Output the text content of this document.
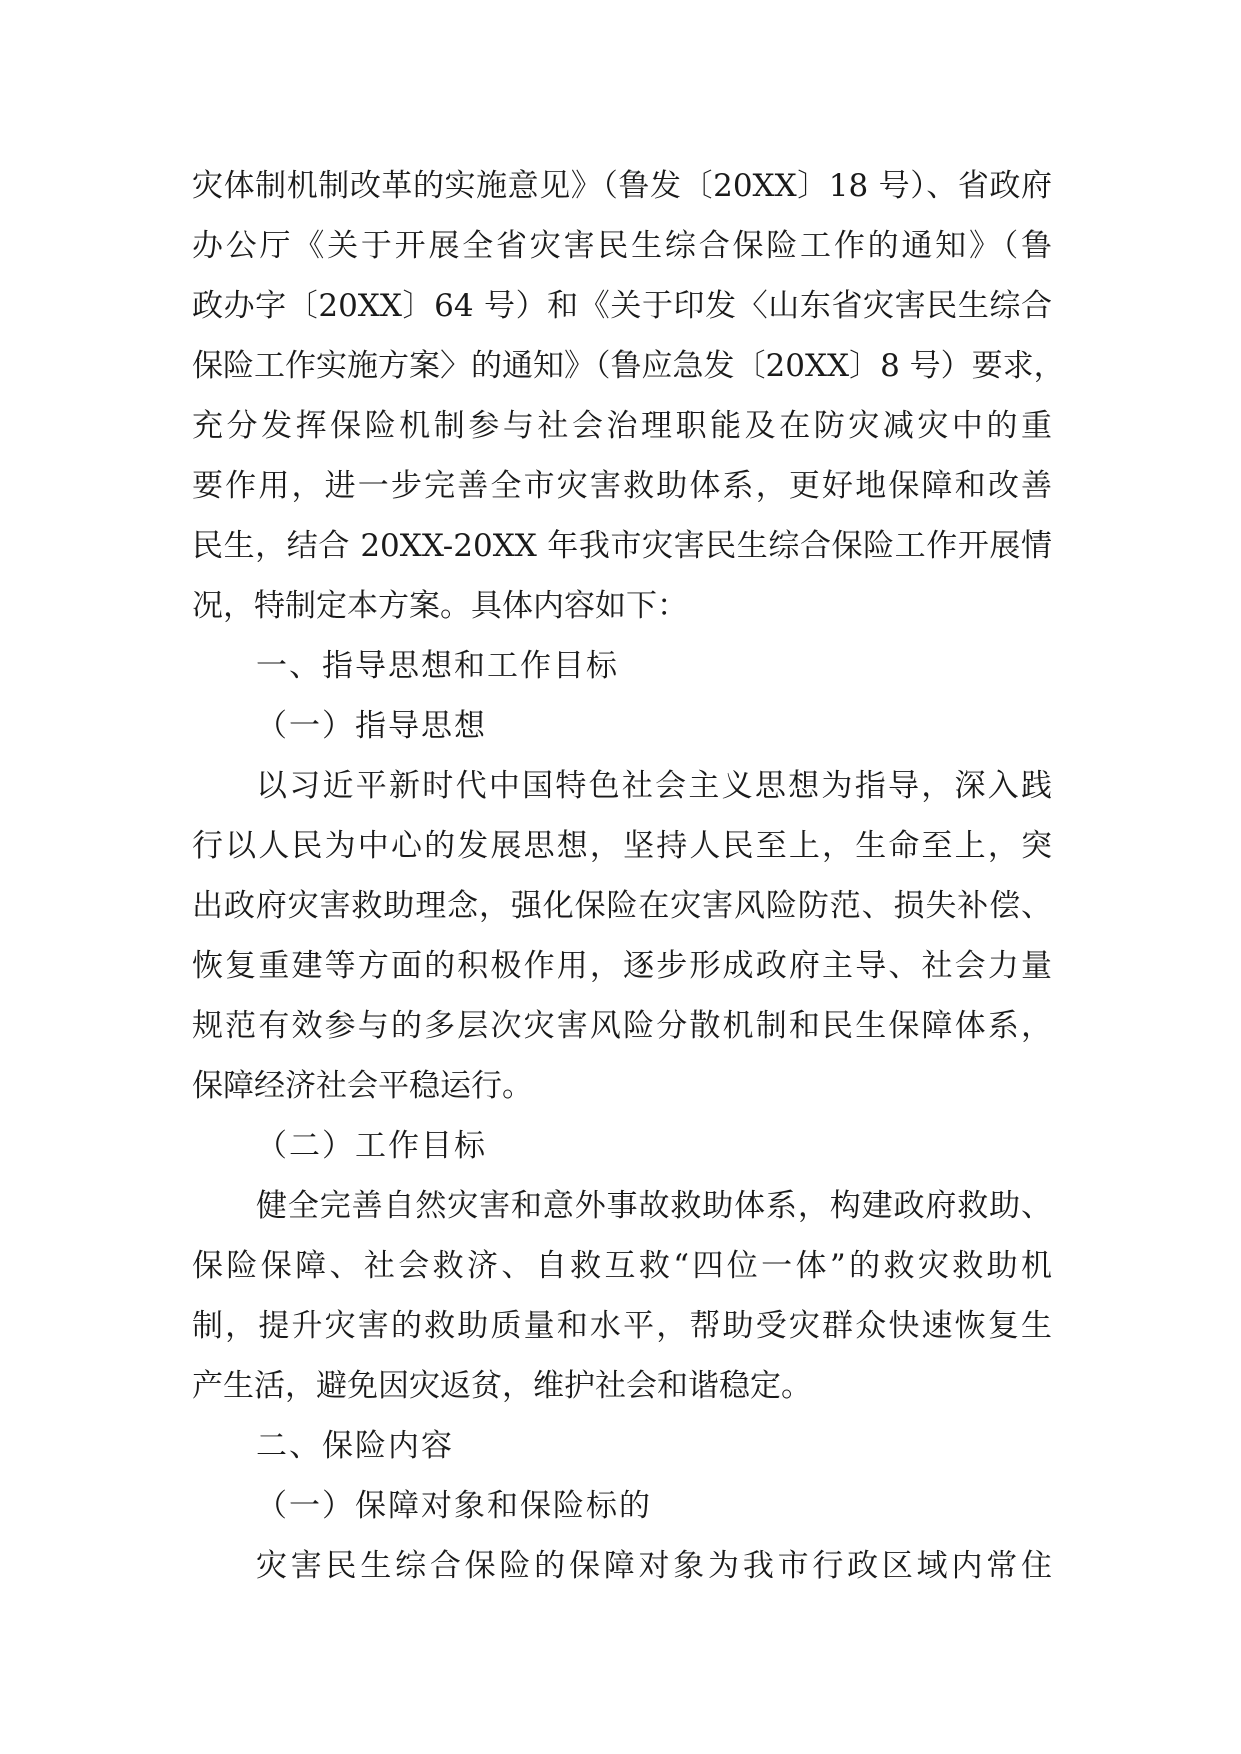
灾体制机制改革的实施意见》（鲁发〔20XX〕18 号）、省政府
办公厅《关于开展全省灾害民生综合保险工作的通知》（鲁
政办字〔20XX〕64 号）和《关于印发〈山东省灾害民生综合
保险工作实施方案〉的通知》（鲁应急发〔20XX〕8 号）要求，
充分发挥保险机制参与社会治理职能及在防灾减灾中的重
要作用，进一步完善全市灾害救助体系，更好地保障和改善
民生，结合 20XX-20XX 年我市灾害民生综合保险工作开展情
况，特制定本方案。具体内容如下：
一、指导思想和工作目标
（一）指导思想
以习近平新时代中国特色社会主义思想为指导，深入践
行以人民为中心的发展思想，坚持人民至上，生命至上，突
出政府灾害救助理念，强化保险在灾害风险防范、损失补偿、
恢复重建等方面的积极作用，逐步形成政府主导、社会力量
规范有效参与的多层次灾害风险分散机制和民生保障体系，
保障经济社会平稳运行。
（二）工作目标
健全完善自然灾害和意外事故救助体系，构建政府救助、
保险保障、社会救济、自救互救“四位一体”的救灾救助机
制，提升灾害的救助质量和水平，帮助受灾群众快速恢复生
产生活，避免因灾返贫，维护社会和谐稳定。
二、保险内容
（一）保障对象和保险标的
灾害民生综合保险的保障对象为我市行政区域内常住
